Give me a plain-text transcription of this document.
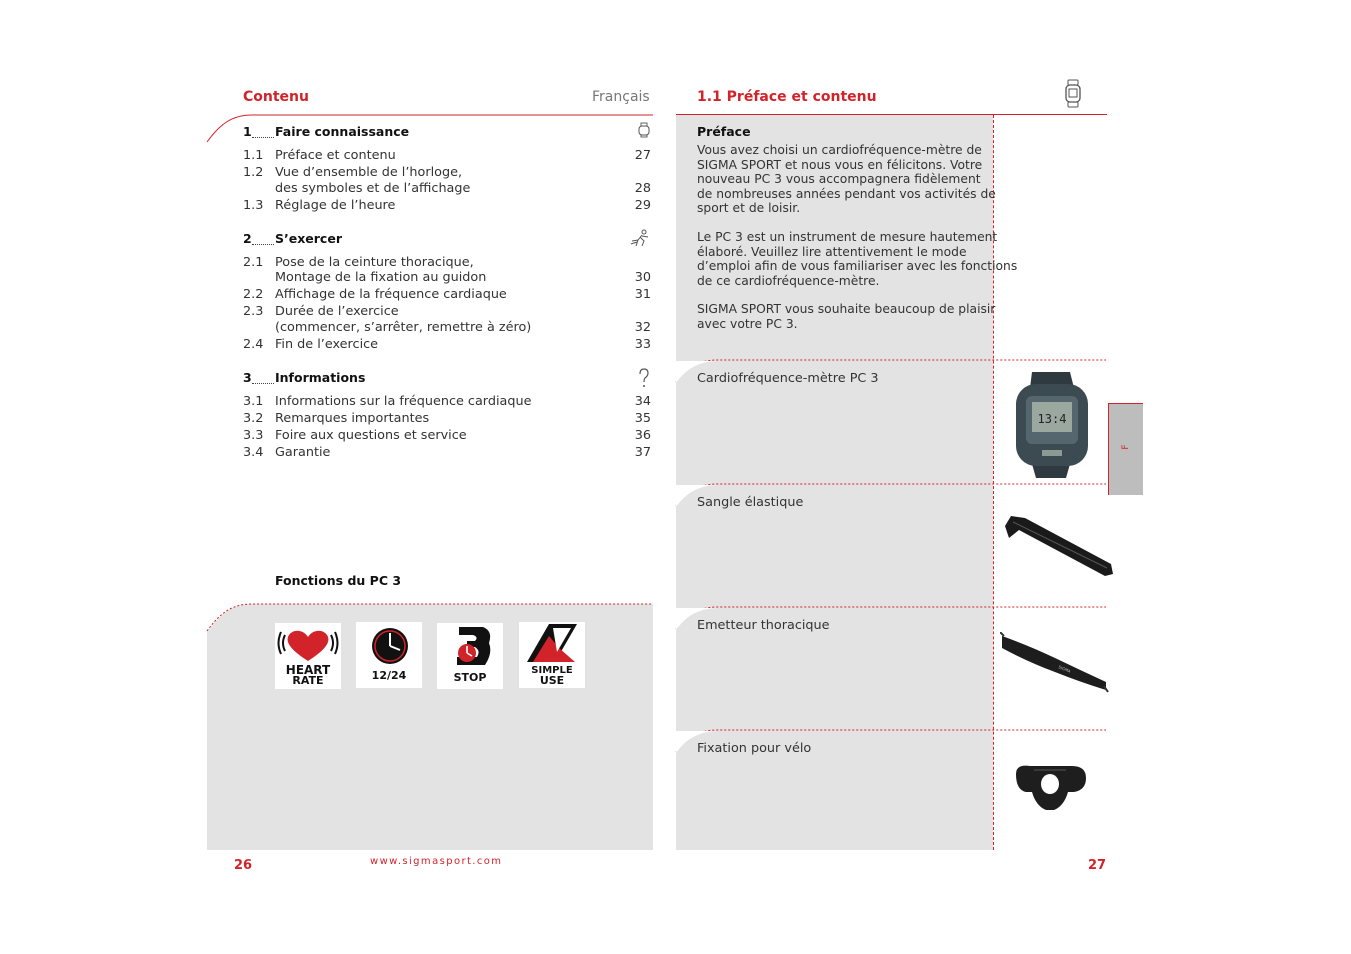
Contenu	Français
1 Faire connaissance
1.1 Préface et contenu	27
1.2 Vue d’ensemble de l’horloge,
des symboles et de l’affichage	28
1.3 Réglage de l’heure	29
2 S’exercer
2.1 Pose de la ceinture thoracique,
Montage de la fixation au guidon	30
2.2 Affichage de la fréquence cardiaque	31
2.3 Durée de l’exercice
(commencer, s’arrêter, remettre à zéro)	32
2.4 Fin de l’exercice	33
3 Informations
3.1 Informations sur la fréquence cardiaque	34
3.2 Remarques importantes	35
3.3 Foire aux questions et service	36
3.4 Garantie	37
Fonctions du PC 3
HEART
RATE	12/24	STOP
SIMPLE
USE
26	www.sigmasport.com
1.1 Préface et contenu
Préface
Vous avez choisi un cardiofréquence-mètre de
SIGMA SPORT et nous vous en félicitons. Votre
nouveau PC 3 vous accompagnera fidèlement
de nombreuses années pendant vos activités de
sport et de loisir.
Le PC 3 est un instrument de mesure hautement
élaboré. Veuillez lire attentivement le mode
d’emploi afin de vous familiariser avec les fonctions
de ce cardiofréquence-mètre.
SIGMA SPORT vous souhaite beaucoup de plaisir
avec votre PC 3.
Cardiofréquence-mètre PC 3
13:4
Sangle élastique
Emetteur thoracique
SIGMA
Fixation pour vélo
F
27
